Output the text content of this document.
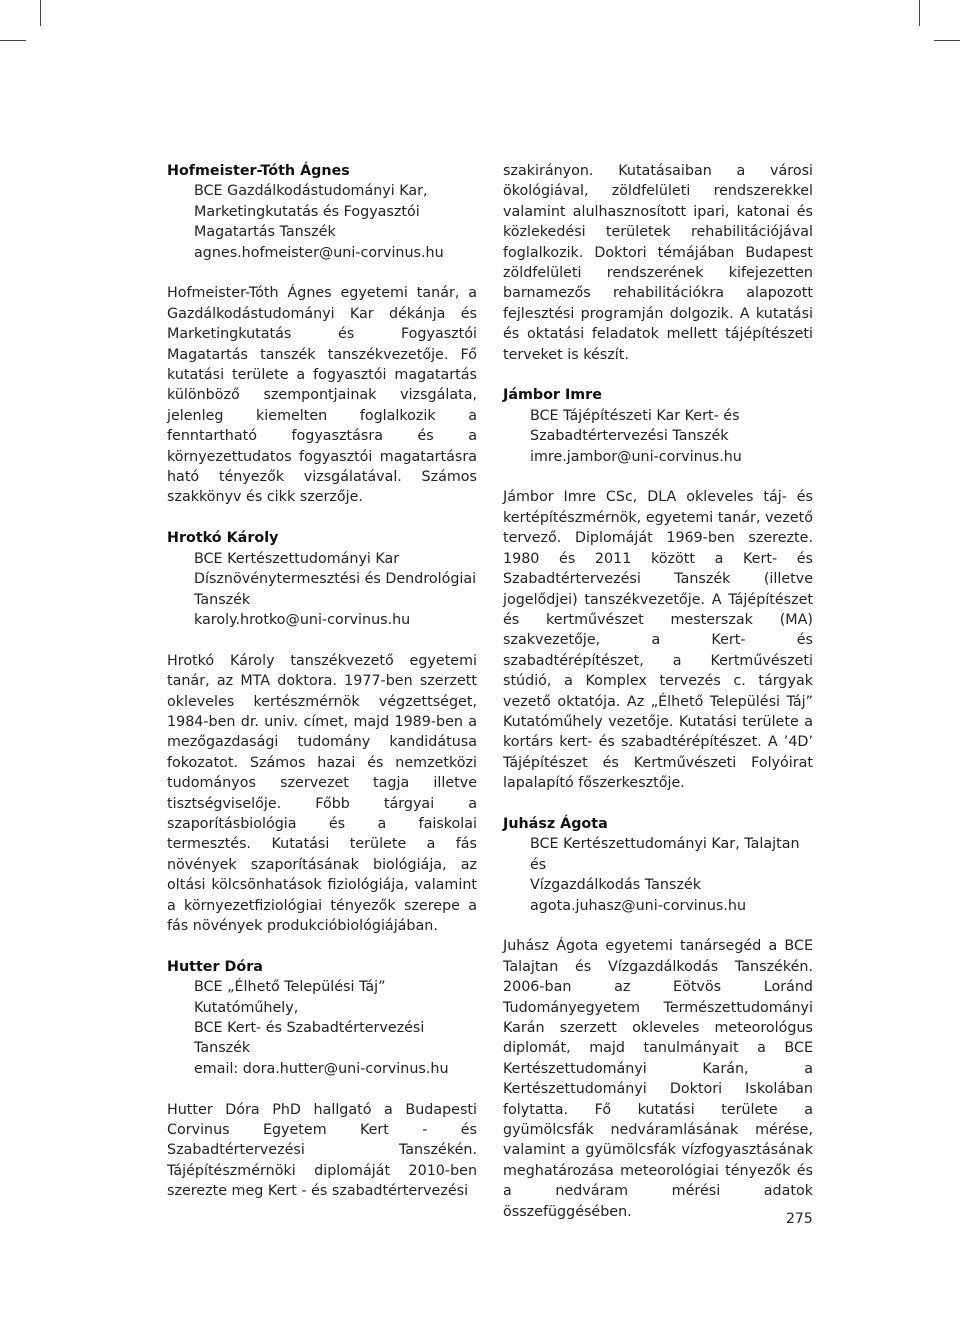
Hofmeister-Tóth Ágnes
BCE Gazdálkodástudományi Kar,
Marketingkutatás és Fogyasztói
Magatartás Tanszék
agnes.hofmeister@uni-corvinus.hu

Hofmeister-Tóth Ágnes egyetemi tanár, a Gazdálkodástudományi Kar dékánja és Marketingkutatás és Fogyasztói Magatartás tanszék tanszékvezetője. Fő kutatási területe a fogyasztói magatartás különböző szempontjainak vizsgálata, jelenleg kiemelten foglalkozik a fenntartható fogyasztásra és a környezettudatos fogyasztói magatartásra ható tényezők vizsgálatával. Számos szakkönyv és cikk szerzője.

Hrotkó Károly
BCE Kertészettudományi Kar
Dísznövénytermesztési és Dendrológiai
Tanszék
karoly.hrotko@uni-corvinus.hu

Hrotkó Károly tanszékvezető egyetemi tanár, az MTA doktora. 1977-ben szerzett okleveles kertészmérnök végzettséget, 1984-ben dr. univ. címet, majd 1989-ben a mezőgazdasági tudomány kandidátusa fokozatot. Számos hazai és nemzetközi tudományos szervezet tagja illetve tisztségviselője. Főbb tárgyai a szaporításbiológia és a faiskolai termesztés. Kutatási területe a fás növények szaporításának biológiája, az oltási kölcsönhatások fiziológiája, valamint a környezetfiziológiai tényezők szerepe a fás növények produkcióbiológiájában.

Hutter Dóra
BCE „Élhető Települési Táj” Kutatóműhely,
BCE Kert- és Szabadtértervezési Tanszék
email: dora.hutter@uni-corvinus.hu

Hutter Dóra PhD hallgató a Budapesti Corvinus Egyetem Kert - és Szabadtértervezési Tanszékén. Tájépítészmérnöki diplomáját 2010-ben szerezte meg Kert - és szabadtértervezési

szakirányon. Kutatásaiban a városi ökológiával, zöldfelületi rendszerekkel valamint alulhasznosított ipari, katonai és közlekedési területek rehabilitációjával foglalkozik. Doktori témájában Budapest zöldfelületi rendszerének kifejezetten barnamezős rehabilitációkra alapozott fejlesztési programján dolgozik. A kutatási és oktatási feladatok mellett tájépítészeti terveket is készít.

Jámbor Imre
BCE Tájépítészeti Kar Kert- és
Szabadtértervezési Tanszék
imre.jambor@uni-corvinus.hu

Jámbor Imre CSc, DLA okleveles táj- és kertépítészmérnök, egyetemi tanár, vezető tervező. Diplomáját 1969-ben szerezte. 1980 és 2011 között a Kert- és Szabadtértervezési Tanszék (illetve jogelődjei) tanszékvezetője. A Tájépítészet és kertművészet mesterszak (MA) szakvezetője, a Kert- és szabadtérépítészet, a Kertművészeti stúdió, a Komplex tervezés c. tárgyak vezető oktatója. Az „Élhető Települési Táj” Kutatóműhely vezetője. Kutatási területe a kortárs kert- és szabadtérépítészet. A ’4D’ Tájépítészet és Kertművészeti Folyóirat lapalapító főszerkesztője.

Juhász Ágota
BCE Kertészettudományi Kar, Talajtan és
Vízgazdálkodás Tanszék
agota.juhasz@uni-corvinus.hu

Juhász Ágota egyetemi tanársegéd a BCE Talajtan és Vízgazdálkodás Tanszékén. 2006-ban az Eötvös Loránd Tudományegyetem Természettudományi Karán szerzett okleveles meteorológus diplomát, majd tanulmányait a BCE Kertészettudományi Karán, a Kertészettudományi Doktori Iskolában folytatta. Fő kutatási területe a gyümölcsfák nedváramlásának mérése, valamint a gyümölcsfák vízfogyasztásának meghatározása meteorológiai tényezők és a nedváram mérési adatok összefüggésében.	275
